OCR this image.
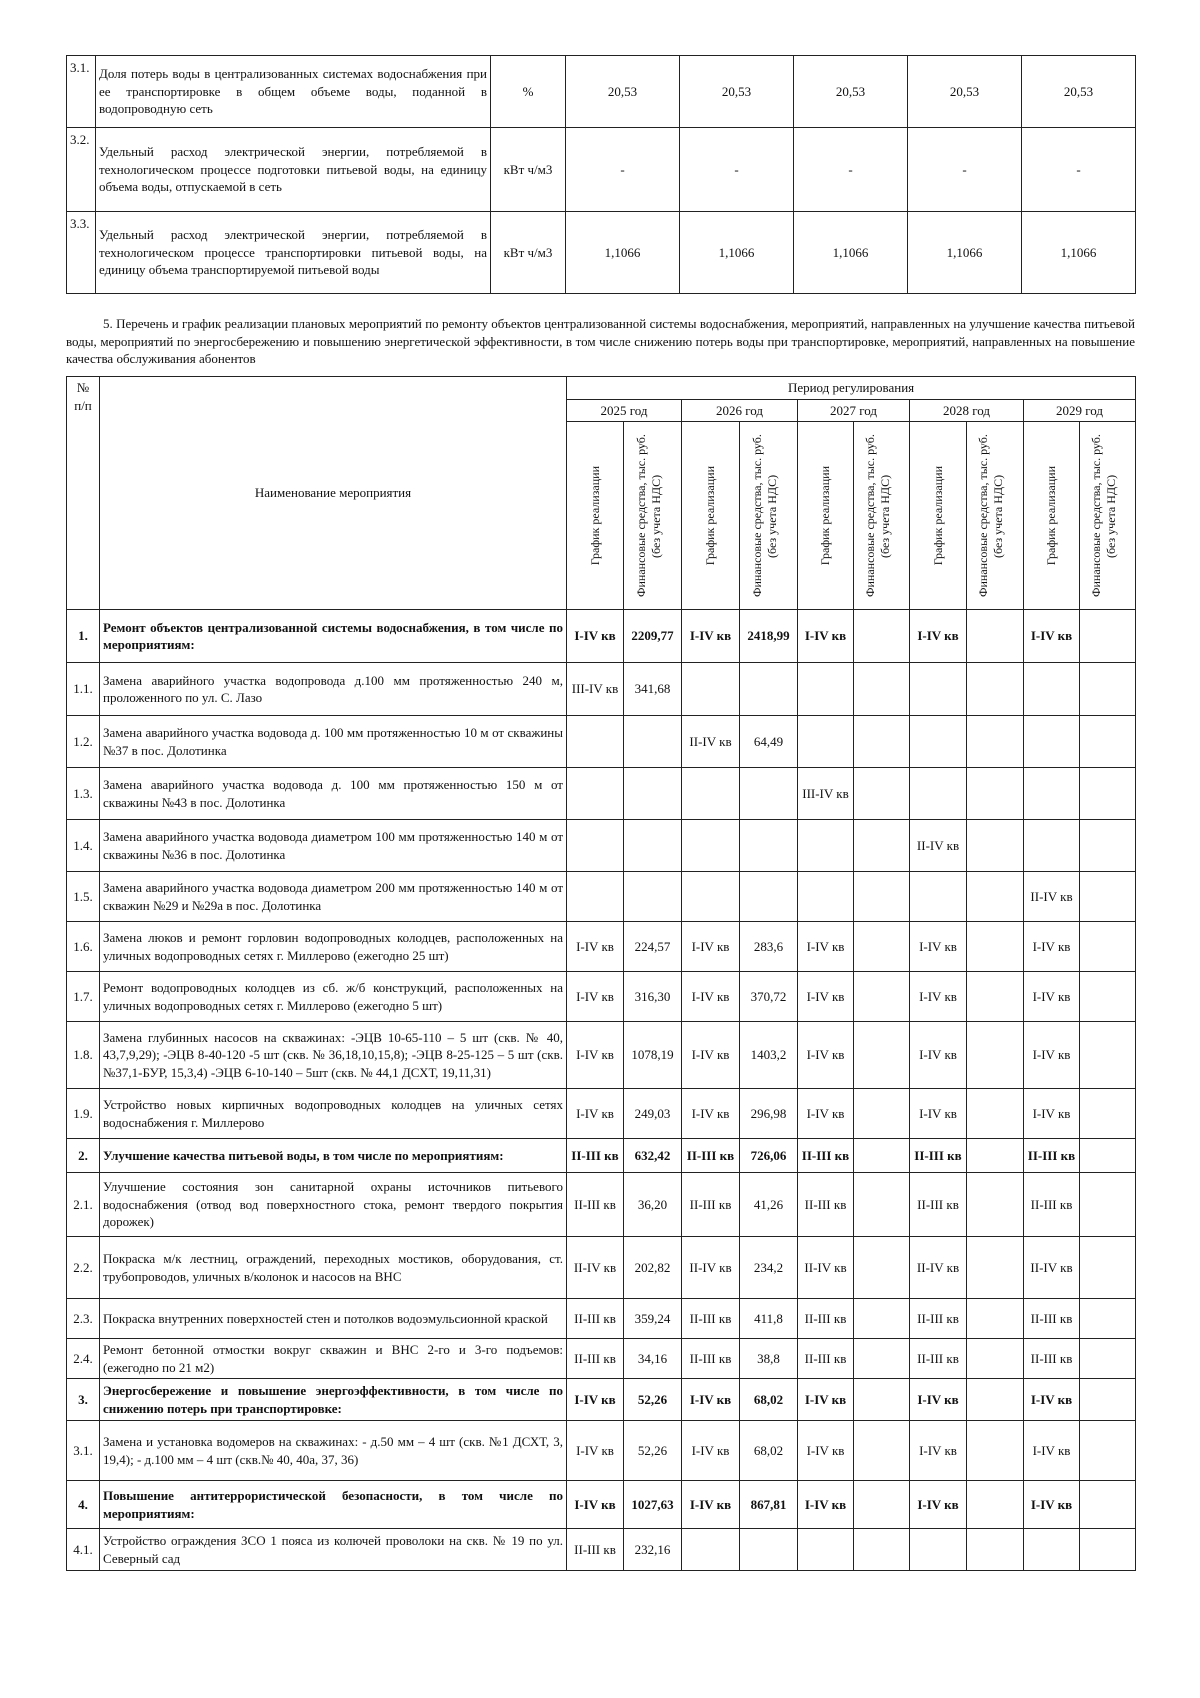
3.1.	Доля потерь воды в централизованных системах водоснабжения при ее транспортировке в общем объеме воды, поданной в водопроводную сеть	%	20,53	20,53	20,53	20,53	20,53
3.2.	Удельный расход электрической энергии, потребляемой в технологическом процессе подготовки питьевой воды, на единицу объема воды, отпускаемой в сеть	кВт ч/м3	-	-	-	-	-
3.3.	Удельный расход электрической энергии, потребляемой в технологическом процессе транспортировки питьевой воды, на единицу объема транспортируемой питьевой воды	кВт ч/м3	1,1066	1,1066	1,1066	1,1066	1,1066

5. Перечень и график реализации плановых мероприятий по ремонту объектов централизованной системы водоснабжения, мероприятий, направленных на улучшение качества питьевой воды, мероприятий по энергосбережению и повышению энергетической эффективности, в том числе снижению потерь воды при транспортировке, мероприятий, направленных на повышение качества обслуживания абонентов

№ п/п	Наименование мероприятия	Период регулирования									
		2025 год		2026 год		2027 год		2028 год		2029 год	

		График реализации	Финансовые средства, тыс. руб. (без учета НДС)	График реализации	Финансовые средства, тыс. руб. (без учета НДС)	График реализации	Финансовые средства, тыс. руб. (без учета НДС)	График реализации	Финансовые средства, тыс. руб. (без учета НДС)	График реализации	Финансовые средства, тыс. руб. (без учета НДС)

1.	Ремонт объектов централизованной системы водоснабжения, в том числе по мероприятиям:	I-IV кв	2209,77	I-IV кв	2418,99	I-IV кв		I-IV кв		I-IV кв	
1.1.	Замена аварийного участка водопровода д.100 мм протяженностью 240 м, проложенного по ул. С. Лазо	III-IV кв	341,68								
1.2.	Замена аварийного участка водовода д. 100 мм протяженностью 10 м от скважины №37 в пос. Долотинка			II-IV кв	64,49						
1.3.	Замена аварийного участка водовода д. 100 мм протяженностью 150 м от скважины №43 в пос. Долотинка					III-IV кв					
1.4.	Замена аварийного участка водовода диаметром 100 мм протяженностью 140 м от скважины №36 в пос. Долотинка							II-IV кв			
1.5.	Замена аварийного участка водовода диаметром 200 мм протяженностью 140 м от скважин №29 и №29а в пос. Долотинка									II-IV кв	
1.6.	Замена люков и ремонт горловин водопроводных колодцев, расположенных на уличных водопроводных сетях г. Миллерово (ежегодно 25 шт)	I-IV кв	224,57	I-IV кв	283,6	I-IV кв		I-IV кв		I-IV кв	
1.7.	Ремонт водопроводных колодцев из сб. ж/б конструкций, расположенных на уличных водопроводных сетях г. Миллерово (ежегодно 5 шт)	I-IV кв	316,30	I-IV кв	370,72	I-IV кв		I-IV кв		I-IV кв	
1.8.	Замена глубинных насосов на скважинах: -ЭЦВ 10-65-110 – 5 шт (скв. № 40, 43,7,9,29); -ЭЦВ 8-40-120 -5 шт (скв. № 36,18,10,15,8); -ЭЦВ 8-25-125 – 5 шт (скв. №37,1-БУР, 15,3,4) -ЭЦВ 6-10-140 – 5шт (скв. № 44,1 ДСХТ, 19,11,31)	I-IV кв	1078,19	I-IV кв	1403,2	I-IV кв		I-IV кв		I-IV кв	
1.9.	Устройство новых кирпичных водопроводных колодцев на уличных сетях водоснабжения г. Миллерово	I-IV кв	249,03	I-IV кв	296,98	I-IV кв		I-IV кв		I-IV кв	
2.	Улучшение качества питьевой воды, в том числе по мероприятиям:	II-III кв	632,42	II-III кв	726,06	II-III кв		II-III кв		II-III кв	
2.1.	Улучшение состояния зон санитарной охраны источников питьевого водоснабжения (отвод вод поверхностного стока, ремонт твердого покрытия дорожек)	II-III кв	36,20	II-III кв	41,26	II-III кв		II-III кв		II-III кв	
2.2.	Покраска м/к лестниц, ограждений, переходных мостиков, оборудования, ст. трубопроводов, уличных в/колонок и насосов на ВНС	II-IV кв	202,82	II-IV кв	234,2	II-IV кв		II-IV кв		II-IV кв	
2.3.	Покраска внутренних поверхностей стен и потолков водоэмульсионной краской	II-III кв	359,24	II-III кв	411,8	II-III кв		II-III кв		II-III кв	
2.4.	Ремонт бетонной отмостки вокруг скважин и ВНС 2-го и 3-го подъемов: (ежегодно по 21 м2)	II-III кв	34,16	II-III кв	38,8	II-III кв		II-III кв		II-III кв	
3.	Энергосбережение и повышение энергоэффективности, в том числе по снижению потерь при транспортировке:	I-IV кв	52,26	I-IV кв	68,02	I-IV кв		I-IV кв		I-IV кв	
3.1.	Замена и установка водомеров на скважинах: - д.50 мм – 4 шт (скв. №1 ДСХТ, 3, 19,4); - д.100 мм – 4 шт (скв.№ 40, 40а, 37, 36)	I-IV кв	52,26	I-IV кв	68,02	I-IV кв		I-IV кв		I-IV кв	
4.	Повышение антитеррористической безопасности, в том числе по мероприятиям:	I-IV кв	1027,63	I-IV кв	867,81	I-IV кв		I-IV кв		I-IV кв	
4.1.	Устройство ограждения ЗСО 1 пояса из колючей проволоки на скв. № 19 по ул. Северный сад	II-III кв	232,16								
